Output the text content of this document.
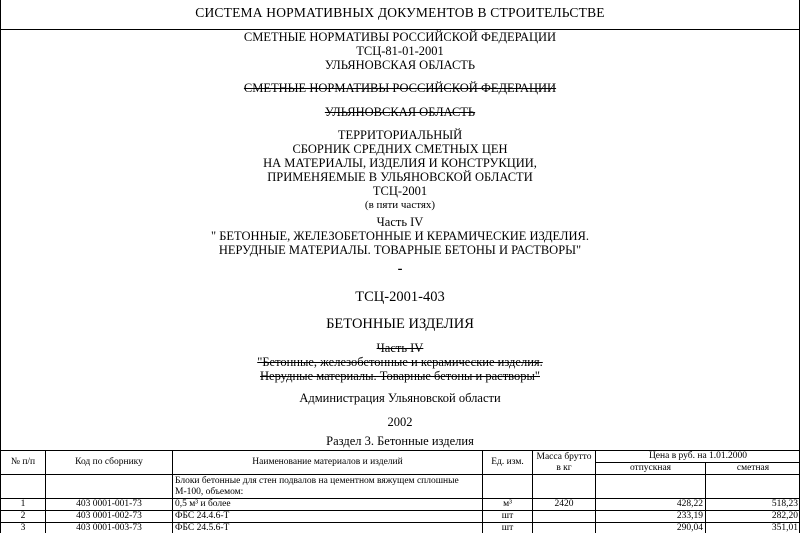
СИСТЕМА НОРМАТИВНЫХ ДОКУМЕНТОВ В СТРОИТЕЛЬСТВЕ
СМЕТНЫЕ НОРМАТИВЫ РОССИЙСКОЙ ФЕДЕРАЦИИ
ТСЦ-81-01-2001
УЛЬЯНОВСКАЯ ОБЛАСТЬ
СМЕТНЫЕ НОРМАТИВЫ РОССИЙСКОЙ ФЕДЕРАЦИИ
УЛЬЯНОВСКАЯ ОБЛАСТЬ
ТЕРРИТОРИАЛЬНЫЙ
СБОРНИК СРЕДНИХ СМЕТНЫХ ЦЕН
НА МАТЕРИАЛЫ, ИЗДЕЛИЯ И КОНСТРУКЦИИ,
ПРИМЕНЯЕМЫЕ В УЛЬЯНОВСКОЙ ОБЛАСТИ
ТСЦ-2001
(в пяти частях)
Часть IV
" БЕТОННЫЕ, ЖЕЛЕЗОБЕТОННЫЕ И КЕРАМИЧЕСКИЕ ИЗДЕЛИЯ.
НЕРУДНЫЕ МАТЕРИАЛЫ. ТОВАРНЫЕ БЕТОНЫ И РАСТВОРЫ"
-
ТСЦ-2001-403
БЕТОННЫЕ ИЗДЕЛИЯ
Часть IV
"Бетонные, железобетонные и керамические изделия.
Нерудные материалы. Товарные бетоны и растворы"
Администрация Ульяновской области
2002
Раздел 3. Бетонные изделия
№ п/п	Код по сборнику	Наименование материалов и изделий	Ед. изм.	Масса брутто в кг	Цена в руб. на 1.01.2000	
					отпускная	сметная
		Блоки бетонные для стен подвалов на цементном вяжущем сплошные М-100, объемом:				
1	403 0001-001-73	0,5 м³ и более	м³	2420	428,22	518,23
2	403 0001-002-73	ФБС 24.4.6-Т	шт		233,19	282,20
3	403 0001-003-73	ФБС 24.5.6-Т	шт		290,04	351,01
